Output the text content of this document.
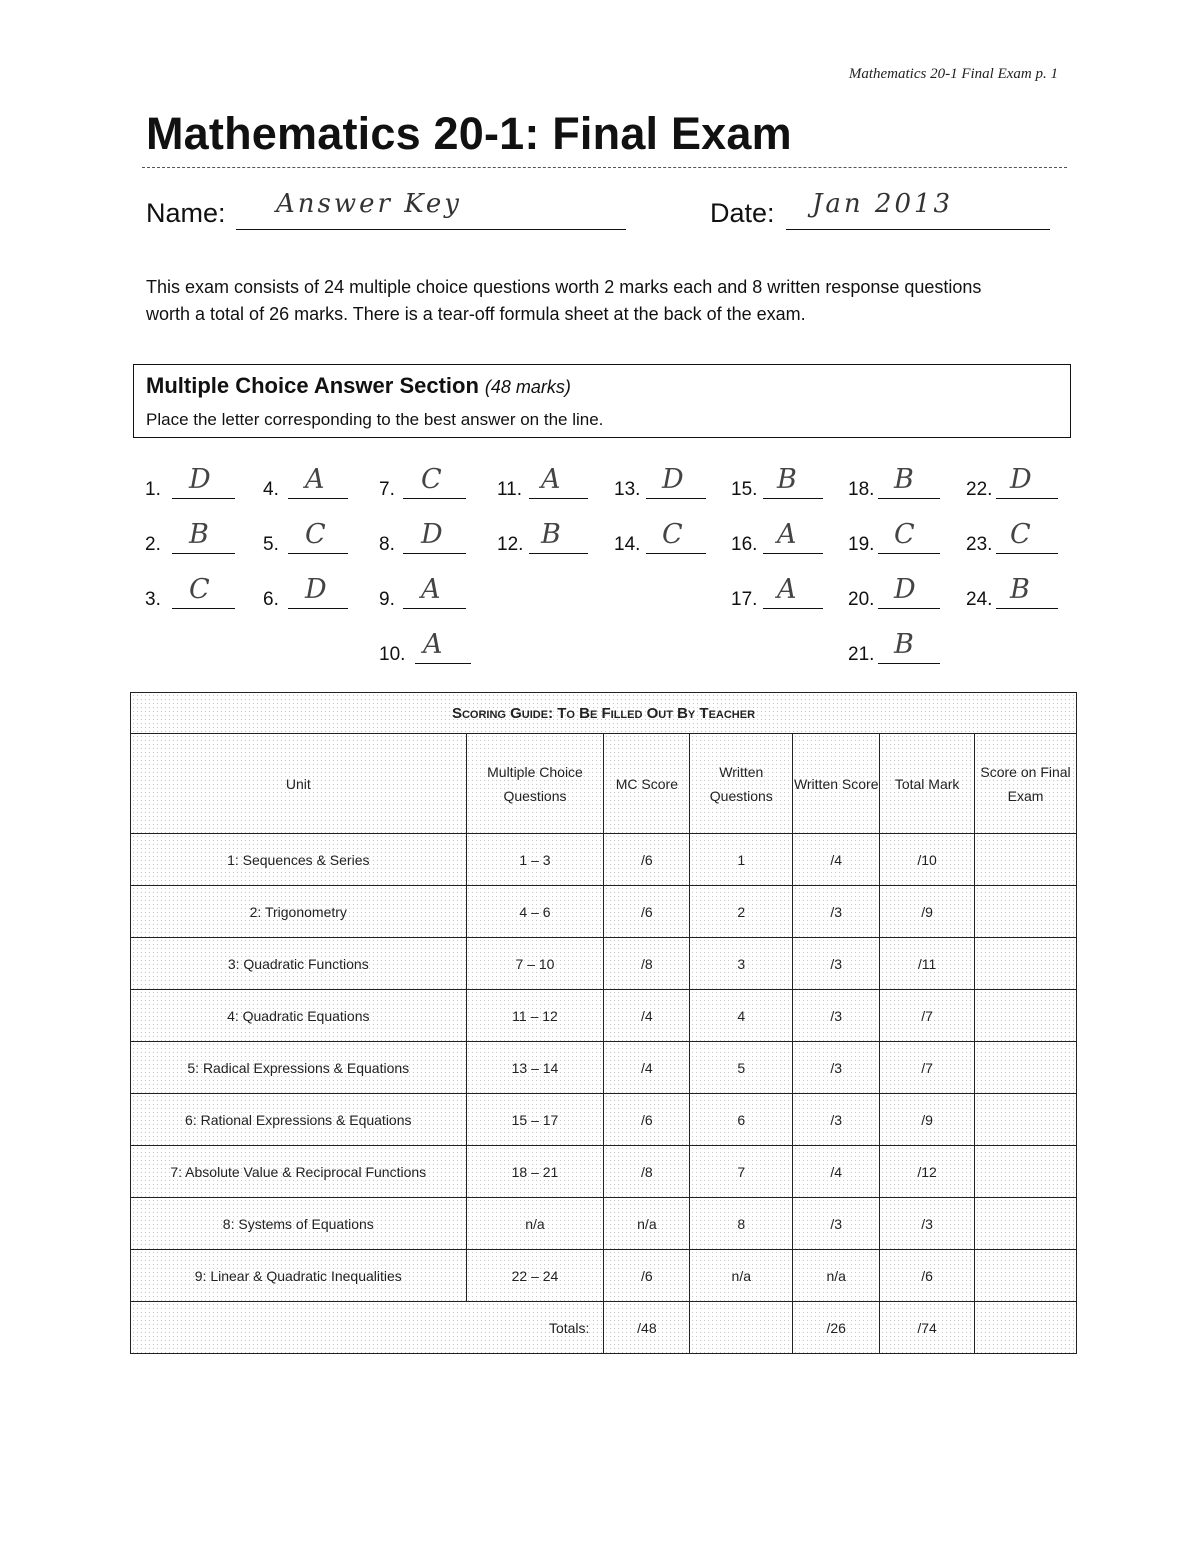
Mathematics 20-1 Final Exam p. 1
Mathematics 20-1: Final Exam
Name: Answer Key	Date: Jan 2013

This exam consists of 24 multiple choice questions worth 2 marks each and 8 written response questions

worth a total of 26 marks. There is a tear-off formula sheet at the back of the exam.

Multiple Choice Answer Section (48 marks)
Place the letter corresponding to the best answer on the line.
1. D
2. B
3. C
4. A
5. C
6. D
7. C
8. D
9. A
10. A
11. A
12. B
13. D
14. C
15. B
16. A
17. A
18. B
19. C
20. D
21. B
22. D
23. C
24. B
Scoring Guide: To Be Filled Out By Teacher						
Unit	Multiple Choice Questions	MC Score	Written Questions	Written Score	Total Mark	Score on Final Exam
1: Sequences & Series	1 – 3	/6	1	/4	/10	
2: Trigonometry	4 – 6	/6	2	/3	/9	
3: Quadratic Functions	7 – 10	/8	3	/3	/11	
4: Quadratic Equations	11 – 12	/4	4	/3	/7	
5: Radical Expressions & Equations	13 – 14	/4	5	/3	/7	
6: Rational Expressions & Equations	15 – 17	/6	6	/3	/9	
7: Absolute Value & Reciprocal Functions	18 – 21	/8	7	/4	/12	
8: Systems of Equations	n/a	n/a	8	/3	/3	
9: Linear & Quadratic Inequalities	22 – 24	/6	n/a	n/a	/6	
Totals:		/48		/26	/74	
